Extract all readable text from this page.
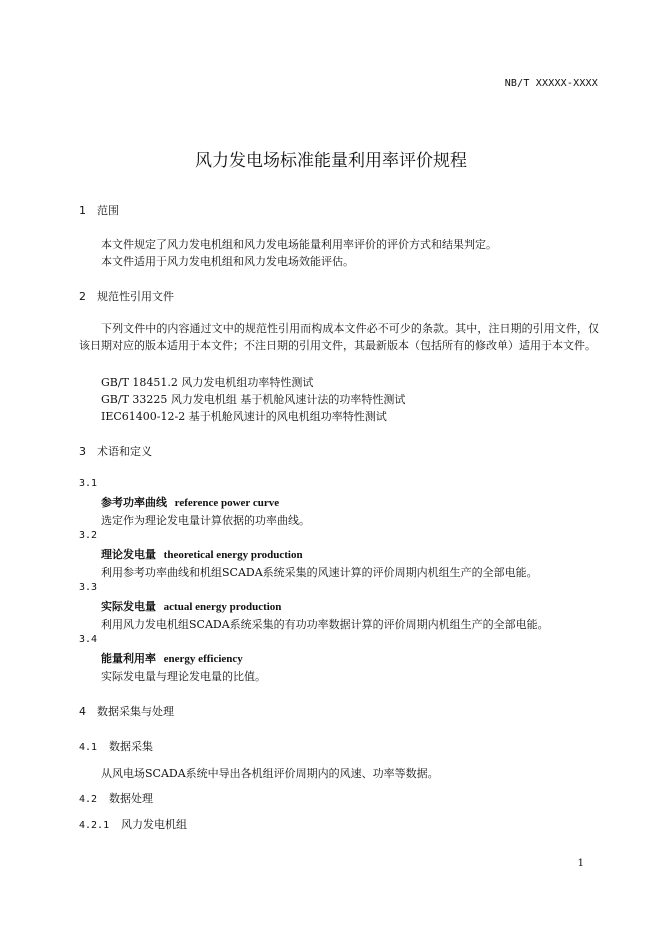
NB/T XXXXX-XXXX
风力发电场标准能量利用率评价规程
1 范围
本文件规定了风力发电机组和风力发电场能量利用率评价的评价方式和结果判定。
本文件适用于风力发电机组和风力发电场效能评估。
2 规范性引用文件
下列文件中的内容通过文中的规范性引用而构成本文件必不可少的条款。其中，注日期的引用文件，仅该日期对应的版本适用于本文件；不注日期的引用文件，其最新版本（包括所有的修改单）适用于本文件。
GB/T 18451.2 风力发电机组功率特性测试
GB/T 33225 风力发电机组 基于机舱风速计法的功率特性测试
IEC61400-12-2 基于机舱风速计的风电机组功率特性测试
3 术语和定义
3.1
参考功率曲线 reference power curve
选定作为理论发电量计算依据的功率曲线。
3.2
理论发电量 theoretical energy production
利用参考功率曲线和机组SCADA系统采集的风速计算的评价周期内机组生产的全部电能。
3.3
实际发电量 actual energy production
利用风力发电机组SCADA系统采集的有功功率数据计算的评价周期内机组生产的全部电能。
3.4
能量利用率 energy efficiency
实际发电量与理论发电量的比值。
4 数据采集与处理
4.1 数据采集
从风电场SCADA系统中导出各机组评价周期内的风速、功率等数据。
4.2 数据处理
4.2.1 风力发电机组
1
